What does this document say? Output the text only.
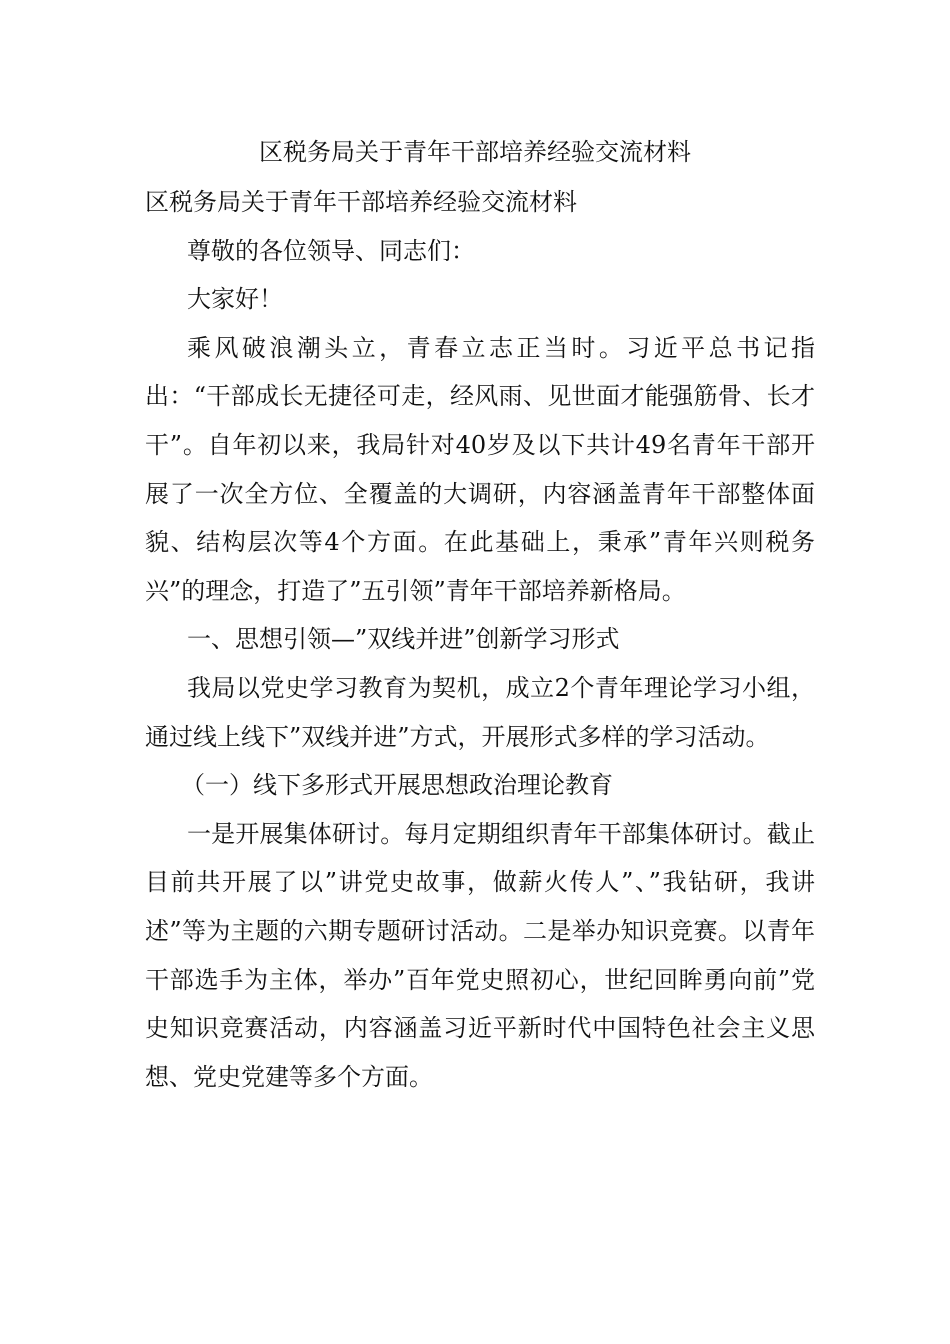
区税务局关于青年干部培养经验交流材料

区税务局关于青年干部培养经验交流材料

尊敬的各位领导、同志们：

大家好！

乘风破浪潮头立，青春立志正当时。习近平总书记指出：“干部成长无捷径可走，经风雨、见世面才能强筋骨、长才干”。自年初以来，我局针对40岁及以下共计49名青年干部开展了一次全方位、全覆盖的大调研，内容涵盖青年干部整体面貌、结构层次等4个方面。在此基础上，秉承”青年兴则税务兴”的理念，打造了”五引领”青年干部培养新格局。

一、思想引领—”双线并进”创新学习形式

我局以党史学习教育为契机，成立2个青年理论学习小组，通过线上线下”双线并进”方式，开展形式多样的学习活动。

（一）线下多形式开展思想政治理论教育

一是开展集体研讨。每月定期组织青年干部集体研讨。截止目前共开展了以”讲党史故事，做薪火传人”、”我钻研，我讲述”等为主题的六期专题研讨活动。二是举办知识竞赛。以青年干部选手为主体，举办”百年党史照初心，世纪回眸勇向前”党史知识竞赛活动，内容涵盖习近平新时代中国特色社会主义思想、党史党建等多个方面。
